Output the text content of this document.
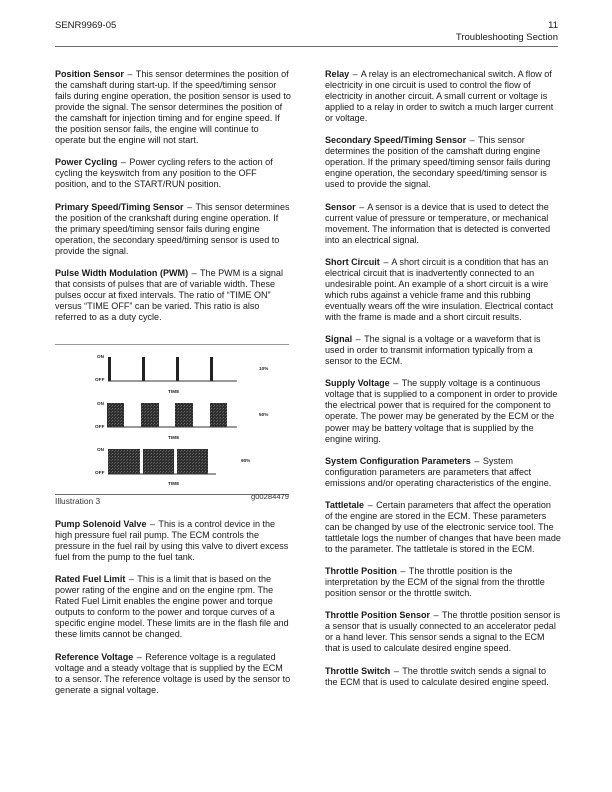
SENR9969-05	11
Troubleshooting Section

Position Sensor – This sensor determines the position of the camshaft during start-up. If the speed/timing sensor fails during engine operation, the position sensor is used to provide the signal. The sensor determines the position of the camshaft for injection timing and for engine speed. If the position sensor fails, the engine will continue to operate but the engine will not start.

Power Cycling – Power cycling refers to the action of cycling the keyswitch from any position to the OFF position, and to the START/RUN position.

Primary Speed/Timing Sensor – This sensor determines the position of the crankshaft during engine operation. If the primary speed/timing sensor fails during engine operation, the secondary speed/timing sensor is used to provide the signal.

Pulse Width Modulation (PWM) – The PWM is a signal that consists of pulses that are of variable width. These pulses occur at fixed intervals. The ratio of “TIME ON” versus “TIME OFF” can be varied. This ratio is also referred to as a duty cycle.

ON
OFF
10%
TIME
ON
OFF
50%
TIME
ON
OFF
90%
TIME
Illustration 3	g00284479

Pump Solenoid Valve – This is a control device in the high pressure fuel rail pump. The ECM controls the pressure in the fuel rail by using this valve to divert excess fuel from the pump to the fuel tank.

Rated Fuel Limit – This is a limit that is based on the power rating of the engine and on the engine rpm. The Rated Fuel Limit enables the engine power and torque outputs to conform to the power and torque curves of a specific engine model. These limits are in the flash file and these limits cannot be changed.

Reference Voltage – Reference voltage is a regulated voltage and a steady voltage that is supplied by the ECM to a sensor. The reference voltage is used by the sensor to generate a signal voltage.

Relay – A relay is an electromechanical switch. A flow of electricity in one circuit is used to control the flow of electricity in another circuit. A small current or voltage is applied to a relay in order to switch a much larger current or voltage.

Secondary Speed/Timing Sensor – This sensor determines the position of the camshaft during engine operation. If the primary speed/timing sensor fails during engine operation, the secondary speed/timing sensor is used to provide the signal.

Sensor – A sensor is a device that is used to detect the current value of pressure or temperature, or mechanical movement. The information that is detected is converted into an electrical signal.

Short Circuit – A short circuit is a condition that has an electrical circuit that is inadvertently connected to an undesirable point. An example of a short circuit is a wire which rubs against a vehicle frame and this rubbing eventually wears off the wire insulation. Electrical contact with the frame is made and a short circuit results.

Signal – The signal is a voltage or a waveform that is used in order to transmit information typically from a sensor to the ECM.

Supply Voltage – The supply voltage is a continuous voltage that is supplied to a component in order to provide the electrical power that is required for the component to operate. The power may be generated by the ECM or the power may be battery voltage that is supplied by the engine wiring.

System Configuration Parameters – System configuration parameters are parameters that affect emissions and/or operating characteristics of the engine.

Tattletale – Certain parameters that affect the operation of the engine are stored in the ECM. These parameters can be changed by use of the electronic service tool. The tattletale logs the number of changes that have been made to the parameter. The tattletale is stored in the ECM.

Throttle Position – The throttle position is the interpretation by the ECM of the signal from the throttle position sensor or the throttle switch.

Throttle Position Sensor – The throttle position sensor is a sensor that is usually connected to an accelerator pedal or a hand lever. This sensor sends a signal to the ECM that is used to calculate desired engine speed.

Throttle Switch – The throttle switch sends a signal to the ECM that is used to calculate desired engine speed.
